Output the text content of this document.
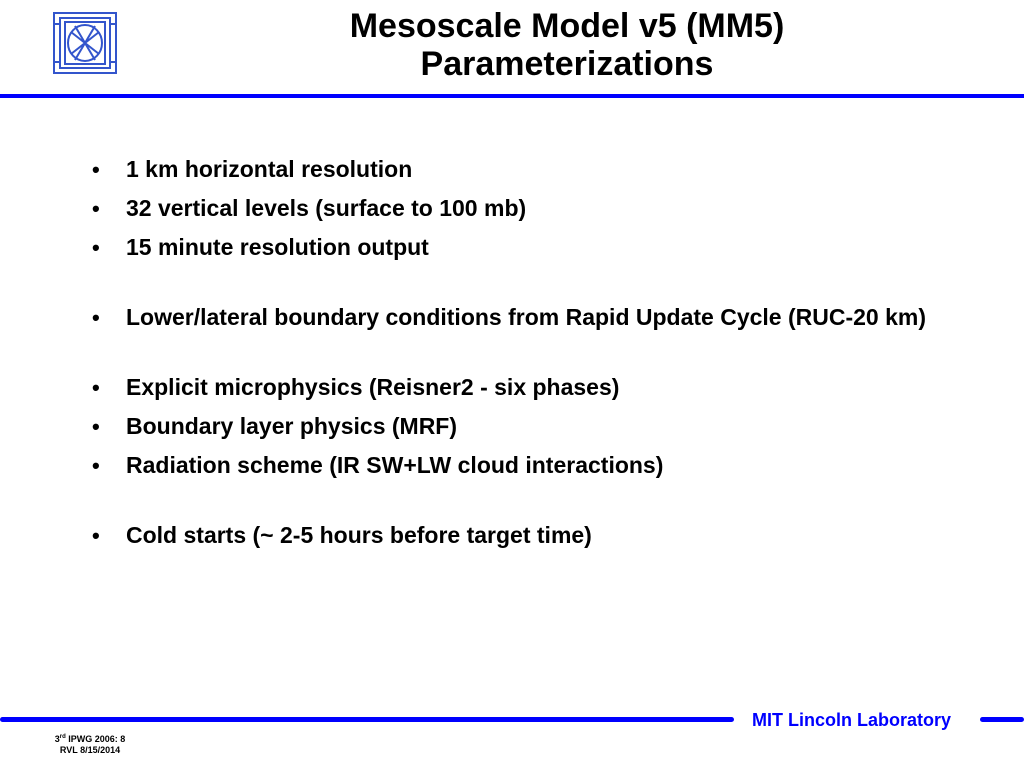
Mesoscale Model v5 (MM5)
Parameterizations
• 1 km horizontal resolution
• 32 vertical levels (surface to 100 mb)
• 15 minute resolution output
• Lower/lateral boundary conditions from Rapid Update Cycle (RUC-20 km)
• Explicit microphysics (Reisner2 - six phases)
• Boundary layer physics (MRF)
• Radiation scheme (IR SW+LW cloud interactions)
• Cold starts (~ 2-5 hours before target time)
MIT Lincoln Laboratory
3rd IPWG 2006: 8
RVL 8/15/2014
